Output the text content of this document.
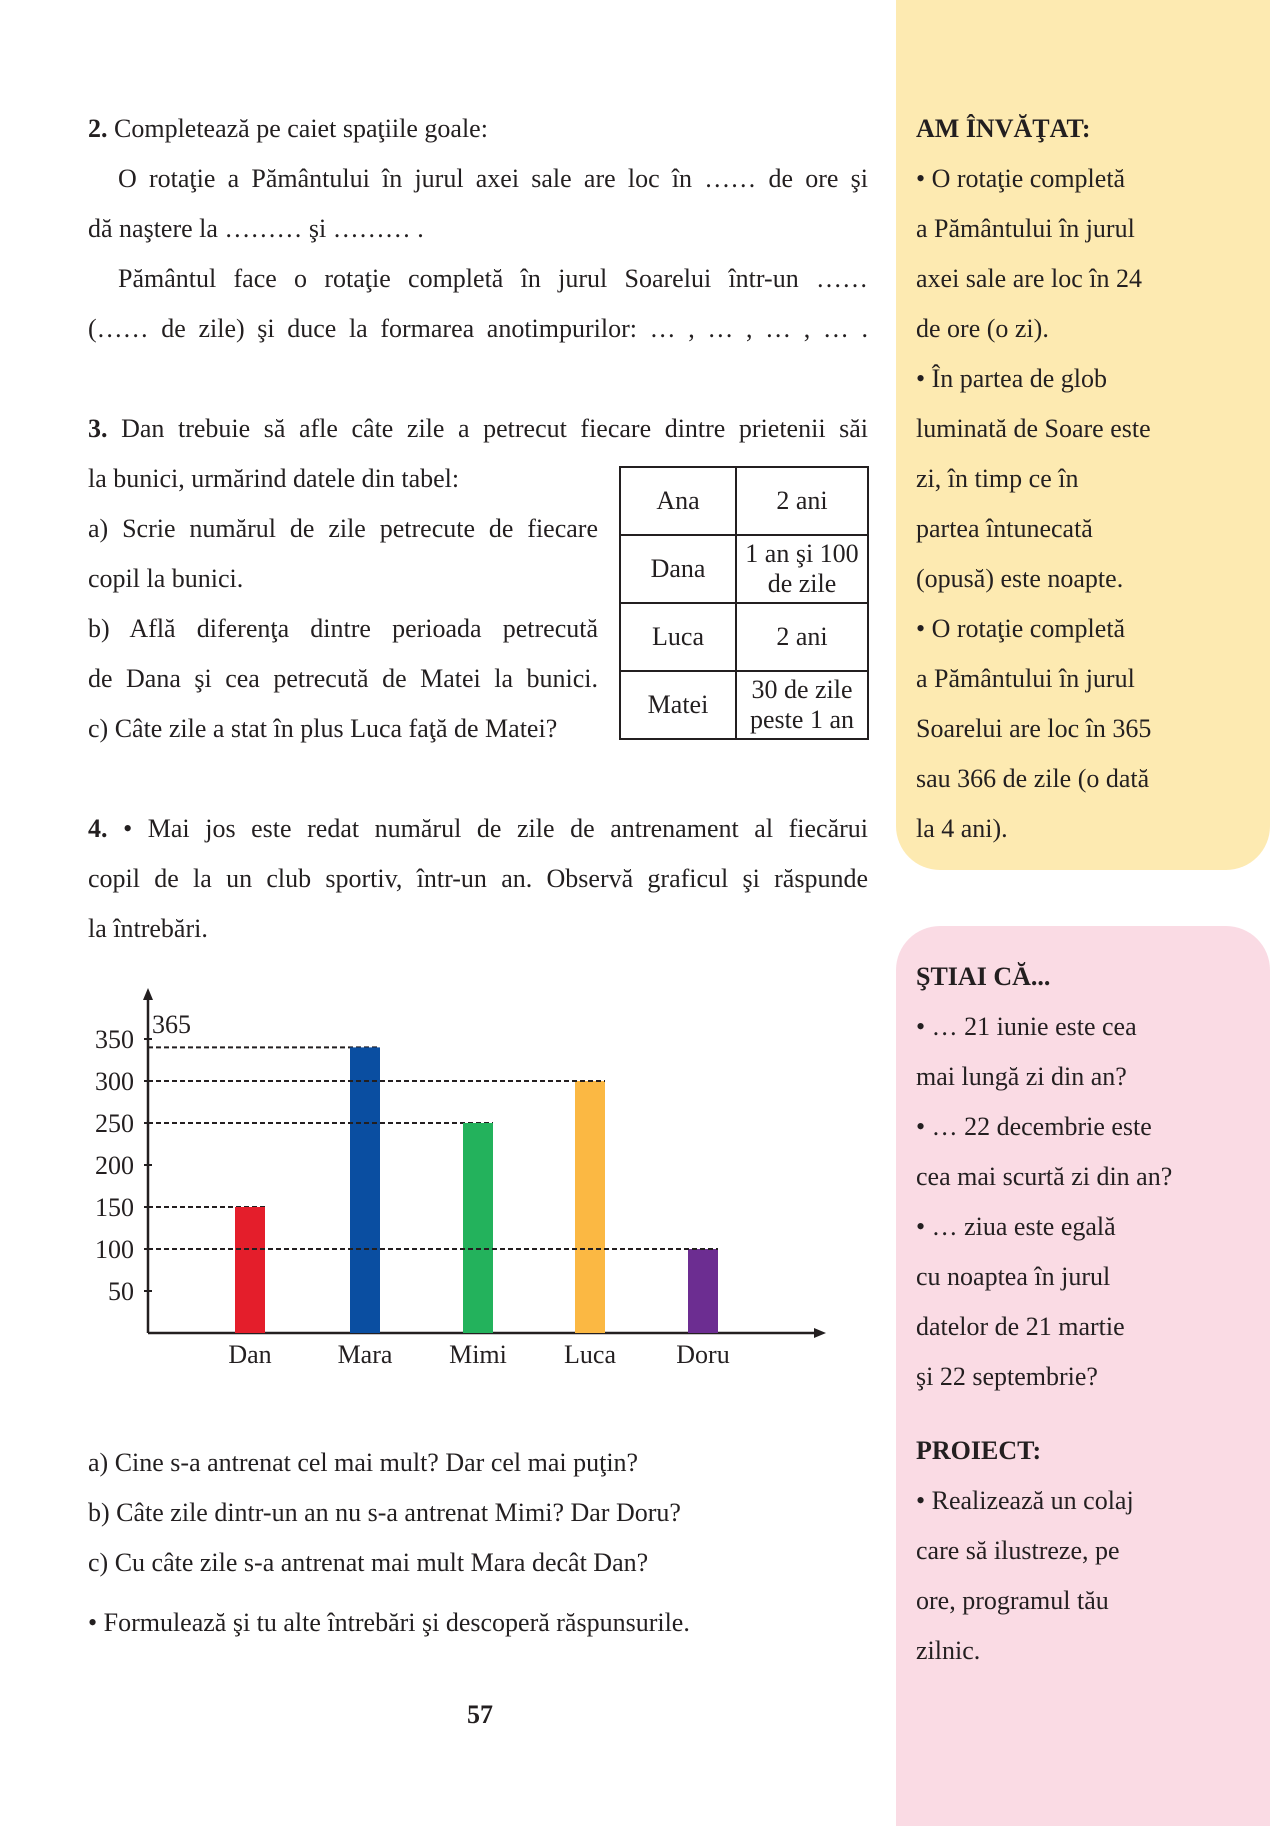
2. Completează pe caiet spaţiile goale:

O rotaţie a Pământului în jurul axei sale are loc în …… de ore şi

dă naştere la ……… şi ……… .

Pământul face o rotaţie completă în jurul Soarelui într-un ……

(…… de zile) şi duce la formarea anotimpurilor: … , … , … , … .

3. Dan trebuie să afle câte zile a petrecut fiecare dintre prietenii săi

la bunici, urmărind datele din tabel:

a) Scrie numărul de zile petrecute de fiecare

copil la bunici.

b) Află diferenţa dintre perioada petrecută

de Dana şi cea petrecută de Matei la bunici.

c) Câte zile a stat în plus Luca faţă de Matei?

Ana	2 ani
Dana	1 an şi 100
de zile
Luca	2 ani
Matei	30 de zile
peste 1 an

4. • Mai jos este redat numărul de zile de antrenament al fiecărui

copil de la un club sportiv, într-un an. Observă graficul şi răspunde

la întrebări.

50
100
150
200
250
300
350
Dan	Mara Mimi Luca Doru
365

a) Cine s-a antrenat cel mai mult? Dar cel mai puţin?

b) Câte zile dintr-un an nu s-a antrenat Mimi? Dar Doru?

c) Cu câte zile s-a antrenat mai mult Mara decât Dan?

• Formulează şi tu alte întrebări şi descoperă răspunsurile.

57
AM ÎNVĂŢAT:

• O rotaţie completă

a Pământului în jurul

axei sale are loc în 24

de ore (o zi).

• În partea de glob

luminată de Soare este

zi, în timp ce în

partea întunecată

(opusă) este noapte.

• O rotaţie completă

a Pământului în jurul

Soarelui are loc în 365

sau 366 de zile (o dată

la 4 ani).

ŞTIAI CĂ...

• … 21 iunie este cea

mai lungă zi din an?

• … 22 decembrie este

cea mai scurtă zi din an?

• … ziua este egală

cu noaptea în jurul

datelor de 21 martie

şi 22 septembrie?

PROIECT:

• Realizează un colaj

care să ilustreze, pe

ore, programul tău

zilnic.
